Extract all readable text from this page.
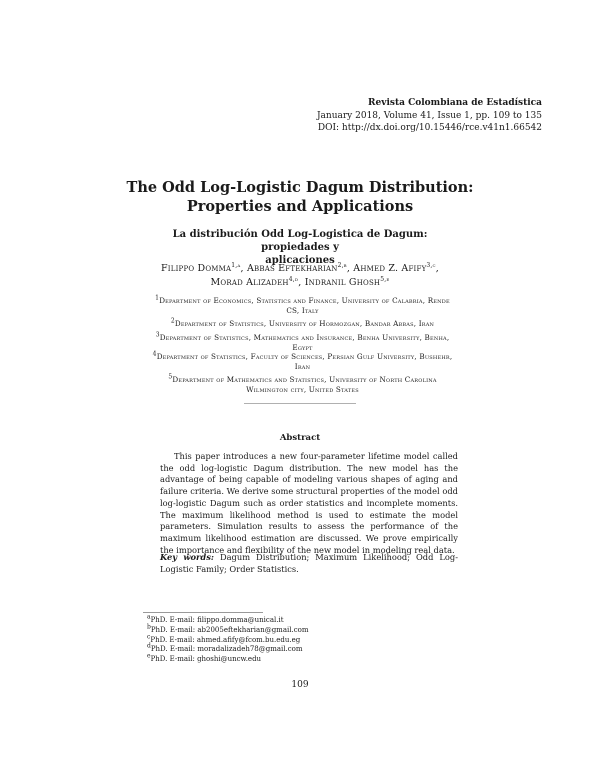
Revista Colombiana de Estadística
January 2018, Volume 41, Issue 1, pp. 109 to 135
DOI: http://dx.doi.org/10.15446/rce.v41n1.66542
The Odd Log-Logistic Dagum Distribution:
Properties and Applications
La distribución Odd Log-Logistica de Dagum: propiedades y
aplicaciones
Filippo Domma$^{1,a}$, Abbas Eftekharian$^{2,b}$, Ahmed Z. Afify$^{3,c}$,
Morad Alizadeh$^{4,d}$, Indranil Ghosh$^{5,e}$
$^1$Department of Economics, Statistics and Finance, University of Calabria, Rende
CS, Italy
$^2$Department of Statistics, University of Hormozgan, Bandar Abbas, Iran
$^3$Department of Statistics, Mathematics and Insurance, Benha University, Benha,
Egypt
$^4$Department of Statistics, Faculty of Sciences, Persian Gulf University, Bushehr,
Iran
$^5$Department of Mathematics and Statistics, University of North Carolina
Wilmington city, United States
Abstract
This paper introduces a new four-parameter lifetime model called the odd log-logistic Dagum distribution. The new model has the advantage of being capable of modeling various shapes of aging and failure criteria. We derive some structural properties of the model odd log-logistic Dagum such as order statistics and incomplete moments. The maximum likelihood method is used to estimate the model parameters. Simulation results to assess the performance of the maximum likelihood estimation are discussed. We prove empirically the importance and flexibility of the new model in modeling real data.
Key words: Dagum Distribution; Maximum Likelihood; Odd Log-Logistic Family; Order Statistics.
$^a$PhD. E-mail: filippo.domma@unical.it
$^b$PhD. E-mail: ab2005eftekharian@gmail.com
$^c$PhD. E-mail: ahmed.afify@fcom.bu.edu.eg
$^d$PhD. E-mail: moradalizadeh78@gmail.com
$^e$PhD. E-mail: ghoshi@uncw.edu
109
